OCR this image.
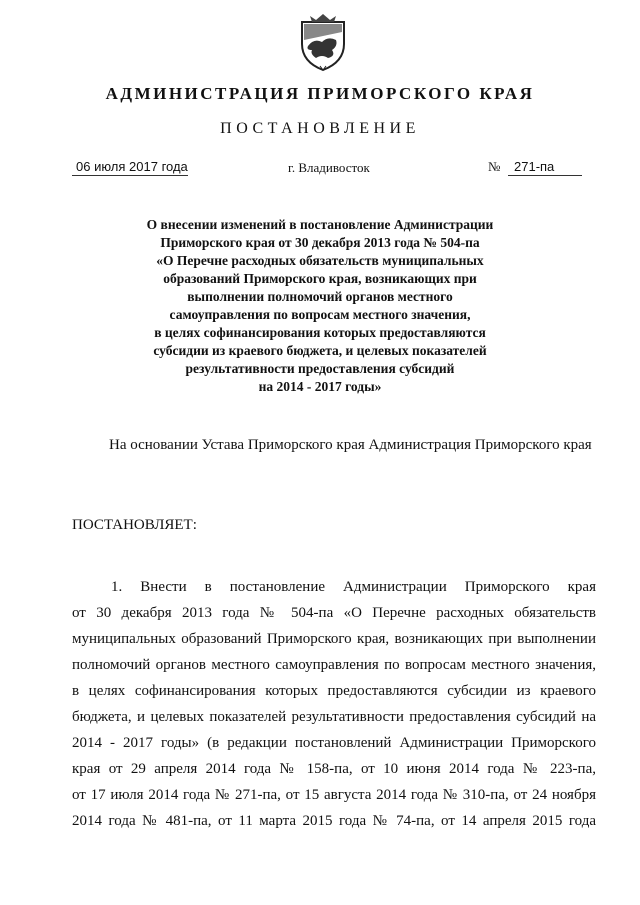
АДМИНИСТРАЦИЯ ПРИМОРСКОГО КРАЯ
ПОСТАНОВЛЕНИЕ
06 июля 2017 года	г. Владивосток	№ 271-па
О внесении изменений в постановление Администрации
Приморского края от 30 декабря 2013 года № 504-па
«О Перечне расходных обязательств муниципальных
образований Приморского края, возникающих при
выполнении полномочий органов местного
самоуправления по вопросам местного значения,
в целях софинансирования которых предоставляются
субсидии из краевого бюджета, и целевых показателей
результативности предоставления субсидий
на 2014 - 2017 годы»
На основании Устава Приморского края Администрация Приморского края
ПОСТАНОВЛЯЕТ:
1. Внести в постановление Администрации Приморского края
от 30 декабря 2013 года № 504-па «О Перечне расходных обязательств
муниципальных образований Приморского края, возникающих при выполнении
полномочий органов местного самоуправления по вопросам местного значения,
в целях софинансирования которых предоставляются субсидии из краевого
бюджета, и целевых показателей результативности предоставления субсидий на
2014 - 2017 годы» (в редакции постановлений Администрации Приморского
края от 29 апреля 2014 года № 158-па, от 10 июня 2014 года № 223-па,
от 17 июля 2014 года № 271-па, от 15 августа 2014 года № 310-па, от 24 ноября
2014 года № 481-па, от 11 марта 2015 года № 74-па, от 14 апреля 2015 года
